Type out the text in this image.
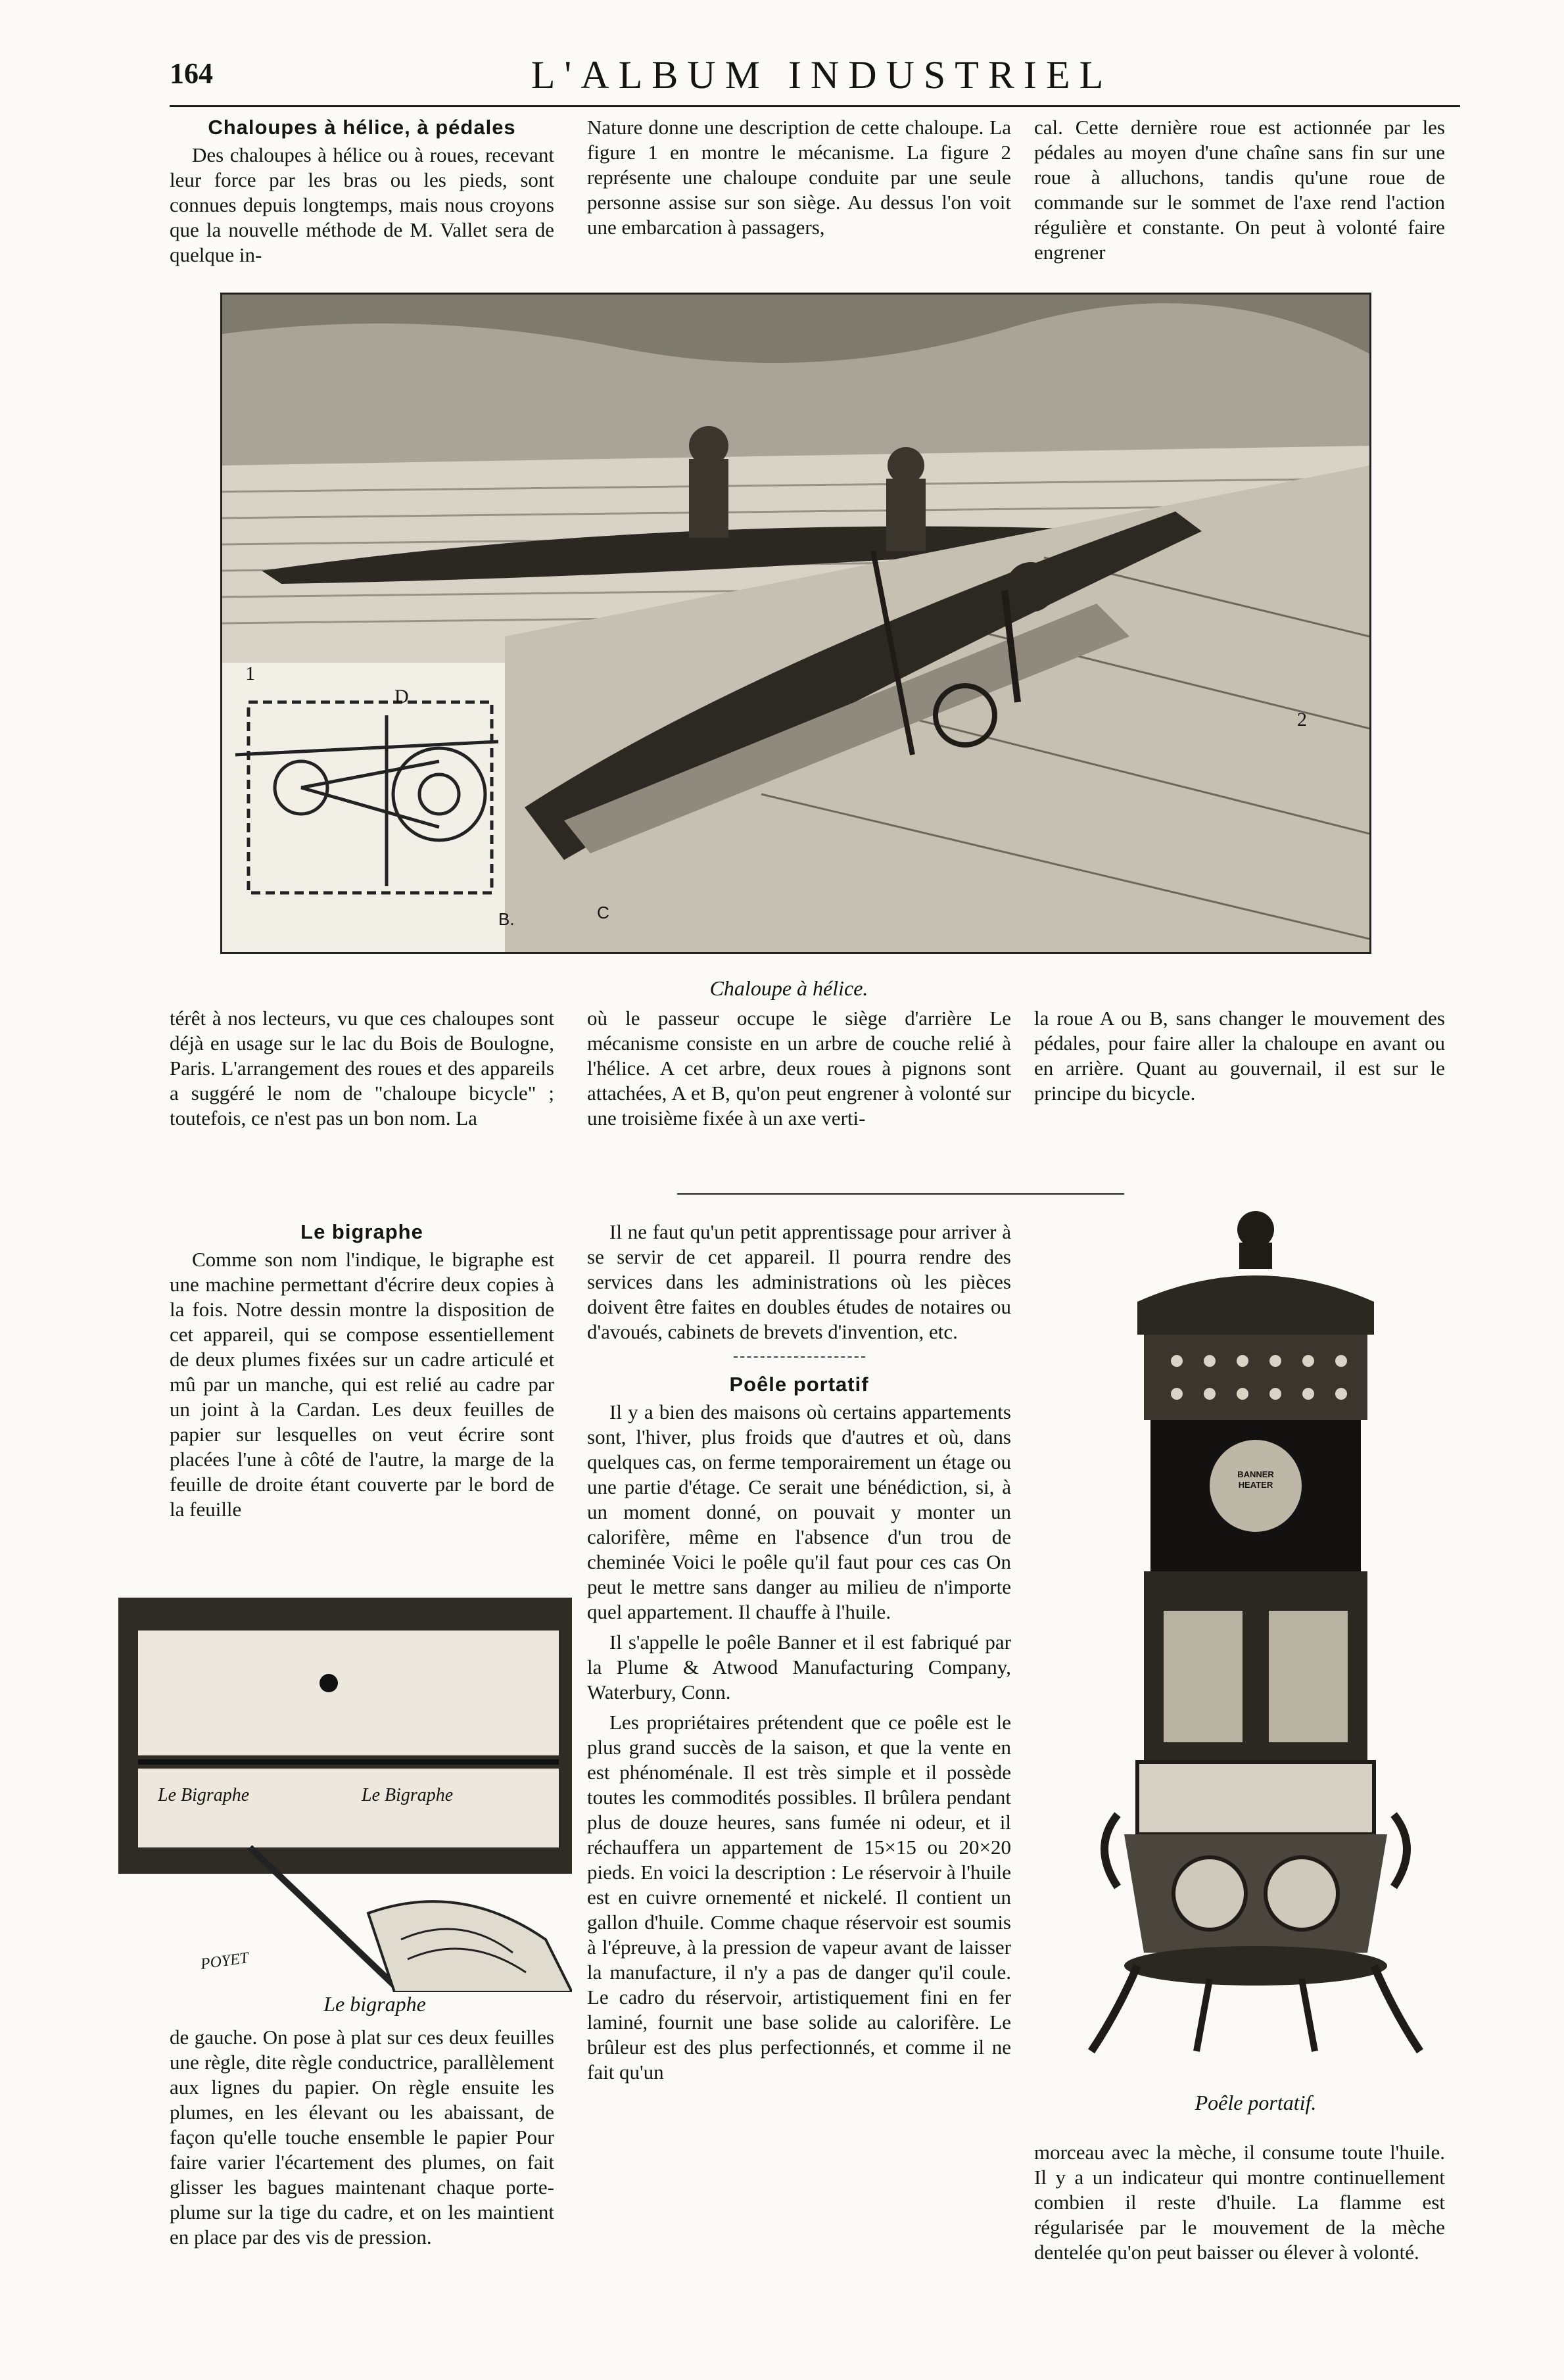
164	L'ALBUM INDUSTRIEL
Chaloupes à hélice, à pédales

Des chaloupes à hélice ou à roues, recevant leur force par les bras ou les pieds, sont connues depuis longtemps, mais nous croyons que la nouvelle méthode de M. Vallet sera de quelque in-

Nature donne une description de cette chaloupe. La figure 1 en montre le mécanisme. La figure 2 représente une chaloupe conduite par une seule personne assise sur son siège. Au dessus l'on voit une embarcation à passagers,

cal. Cette dernière roue est actionnée par les pédales au moyen d'une chaîne sans fin sur une roue à alluchons, tandis qu'une roue de commande sur le sommet de l'axe rend l'action régulière et constante. On peut à volonté faire engrener

1
2
D
B.	C
Chaloupe à hélice.

térêt à nos lecteurs, vu que ces chaloupes sont déjà en usage sur le lac du Bois de Boulogne, Paris. L'arrangement des roues et des appareils a suggéré le nom de "chaloupe bicycle" ; toutefois, ce n'est pas un bon nom. La

où le passeur occupe le siège d'arrière Le mécanisme consiste en un arbre de couche relié à l'hélice. A cet arbre, deux roues à pignons sont attachées, A et B, qu'on peut engrener à volonté sur une troisième fixée à un axe verti-

la roue A ou B, sans changer le mouvement des pédales, pour faire aller la chaloupe en avant ou en arrière. Quant au gouvernail, il est sur le principe du bicycle.

Le bigraphe

Comme son nom l'indique, le bigraphe est une machine permettant d'écrire deux copies à la fois. Notre dessin montre la disposition de cet appareil, qui se compose essentiellement de deux plumes fixées sur un cadre articulé et mû par un manche, qui est relié au cadre par un joint à la Cardan. Les deux feuilles de papier sur lesquelles on veut écrire sont placées l'une à côté de l'autre, la marge de la feuille de droite étant couverte par le bord de la feuille

Le Bigraphe	Le Bigraphe
POYET
Le bigraphe

de gauche. On pose à plat sur ces deux feuilles une règle, dite règle conductrice, parallèlement aux lignes du papier. On règle ensuite les plumes, en les élevant ou les abaissant, de façon qu'elle touche ensemble le papier Pour faire varier l'écartement des plumes, on fait glisser les bagues maintenant chaque porte-plume sur la tige du cadre, et on les maintient en place par des vis de pression.

Il ne faut qu'un petit apprentissage pour arriver à se servir de cet appareil. Il pourra rendre des services dans les administrations où les pièces doivent être faites en doubles études de notaires ou d'avoués, cabinets de brevets d'invention, etc.

Poêle portatif

Il y a bien des maisons où certains appartements sont, l'hiver, plus froids que d'autres et où, dans quelques cas, on ferme temporairement un étage ou une partie d'étage. Ce serait une bénédiction, si, à un moment donné, on pouvait y monter un calorifère, même en l'absence d'un trou de cheminée Voici le poêle qu'il faut pour ces cas On peut le mettre sans danger au milieu de n'importe quel appartement. Il chauffe à l'huile.

Il s'appelle le poêle Banner et il est fabriqué par la Plume & Atwood Manufacturing Company, Waterbury, Conn.

Les propriétaires prétendent que ce poêle est le plus grand succès de la saison, et que la vente en est phénoménale. Il est très simple et il possède toutes les commodités possibles. Il brûlera pendant plus de douze heures, sans fumée ni odeur, et il réchauffera un appartement de 15×15 ou 20×20 pieds. En voici la description : Le réservoir à l'huile est en cuivre ornementé et nickelé. Il contient un gallon d'huile. Comme chaque réservoir est soumis à l'épreuve, à la pression de vapeur avant de laisser la manufacture, il n'y a pas de danger qu'il coule. Le cadro du réservoir, artistiquement fini en fer laminé, fournit une base solide au calorifère. Le brûleur est des plus perfectionnés, et comme il ne fait qu'un

BANNER HEATER
Poêle portatif.

morceau avec la mèche, il consume toute l'huile. Il y a un indicateur qui montre continuellement combien il reste d'huile. La flamme est régularisée par le mouvement de la mèche dentelée qu'on peut baisser ou élever à volonté.
